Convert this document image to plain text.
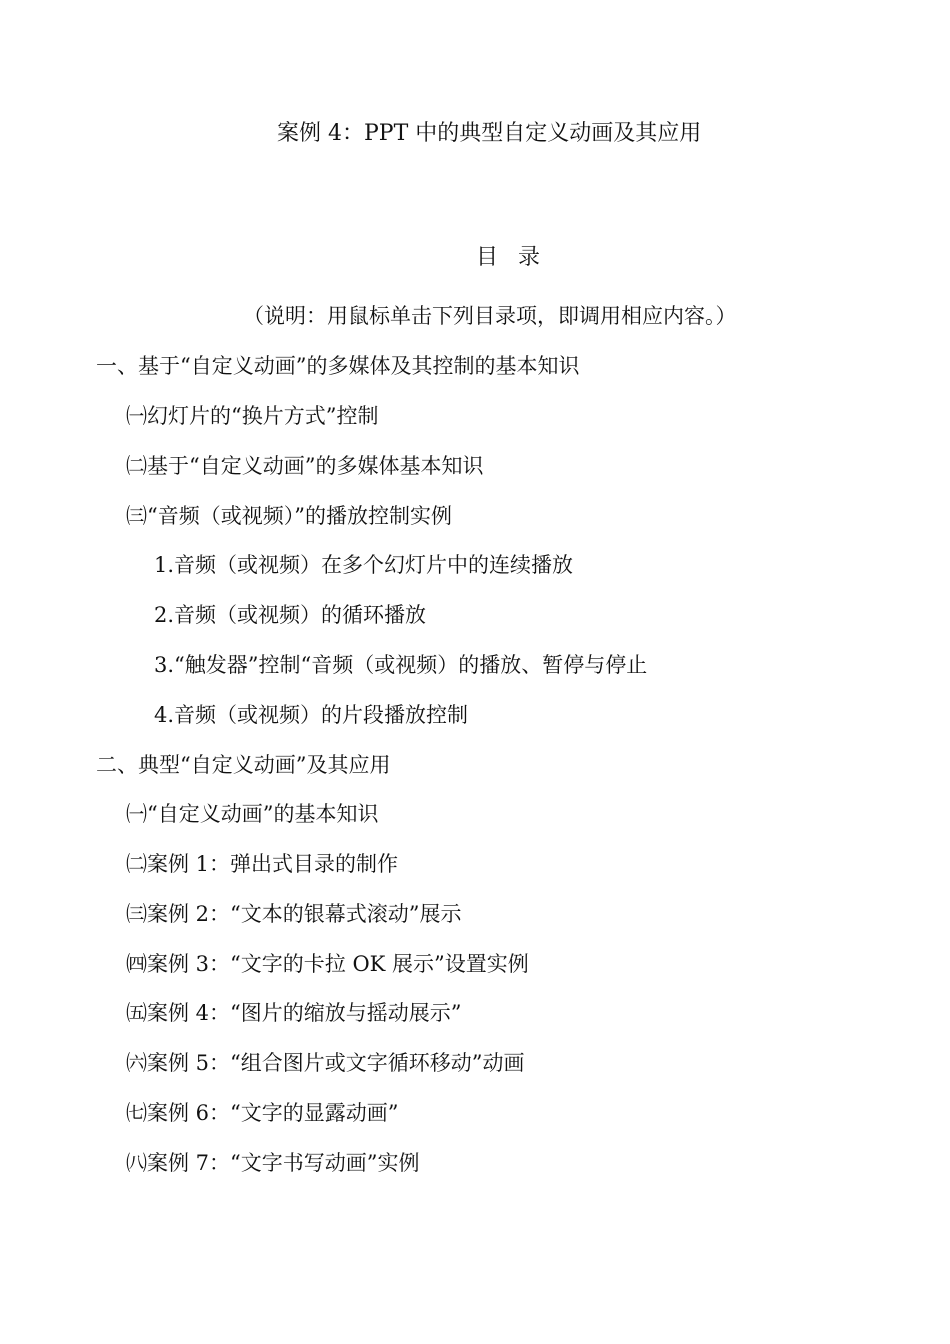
案例 4：PPT 中的典型自定义动画及其应用
目录
（说明：用鼠标单击下列目录项，即调用相应内容。）
一、基于“自定义动画”的多媒体及其控制的基本知识
㈠幻灯片的“换片方式”控制
㈡基于“自定义动画”的多媒体基本知识
㈢“音频（或视频）”的播放控制实例
1.音频（或视频）在多个幻灯片中的连续播放
2.音频（或视频）的循环播放
3.“触发器”控制“音频（或视频）的播放、暂停与停止
4.音频（或视频）的片段播放控制
二、典型“自定义动画”及其应用
㈠“自定义动画”的基本知识
㈡案例 1：弹出式目录的制作
㈢案例 2：“文本的银幕式滚动”展示
㈣案例 3：“文字的卡拉 OK 展示”设置实例
㈤案例 4：“图片的缩放与摇动展示”
㈥案例 5：“组合图片或文字循环移动”动画
㈦案例 6：“文字的显露动画”
㈧案例 7：“文字书写动画”实例
